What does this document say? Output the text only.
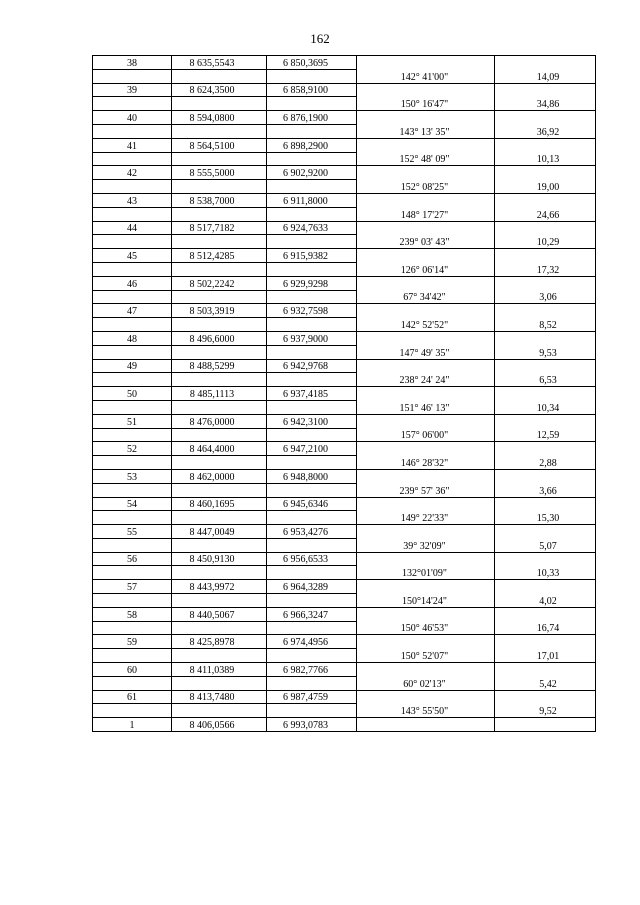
162
38	8 635,5543	6 850,3695		
			142° 41'00"	14,09
39	8 624,3500	6 858,9100		
			150° 16'47"	34,86
40	8 594,0800	6 876,1900		
			143° 13' 35"	36,92
41	8 564,5100	6 898,2900		
			152° 48' 09"	10,13
42	8 555,5000	6 902,9200		
			152° 08'25"	19,00
43	8 538,7000	6 911,8000		
			148° 17'27"	24,66
44	8 517,7182	6 924,7633		
			239° 03' 43"	10,29
45	8 512,4285	6 915,9382		
			126° 06'14"	17,32
46	8 502,2242	6 929,9298		
			67° 34'42"	3,06
47	8 503,3919	6 932,7598		
			142° 52'52"	8,52
48	8 496,6000	6 937,9000		
			147° 49' 35"	9,53
49	8 488,5299	6 942,9768		
			238° 24' 24"	6,53
50	8 485,1113	6 937,4185		
			151° 46' 13"	10,34
51	8 476,0000	6 942,3100		
			157° 06'00"	12,59
52	8 464,4000	6 947,2100		
			146° 28'32"	2,88
53	8 462,0000	6 948,8000		
			239° 57' 36"	3,66
54	8 460,1695	6 945,6346		
			149° 22'33"	15,30
55	8 447,0049	6 953,4276		
			39° 32'09"	5,07
56	8 450,9130	6 956,6533		
			132°01'09"	10,33
57	8 443,9972	6 964,3289		
			150°14'24"	4,02
58	8 440,5067	6 966,3247		
			150° 46'53"	16,74
59	8 425,8978	6 974,4956		
			150° 52'07"	17,01
60	8 411,0389	6 982,7766		
			60° 02'13"	5,42
61	8 413,7480	6 987,4759		
			143° 55'50"	9,52
1	8 406,0566	6 993,0783		
